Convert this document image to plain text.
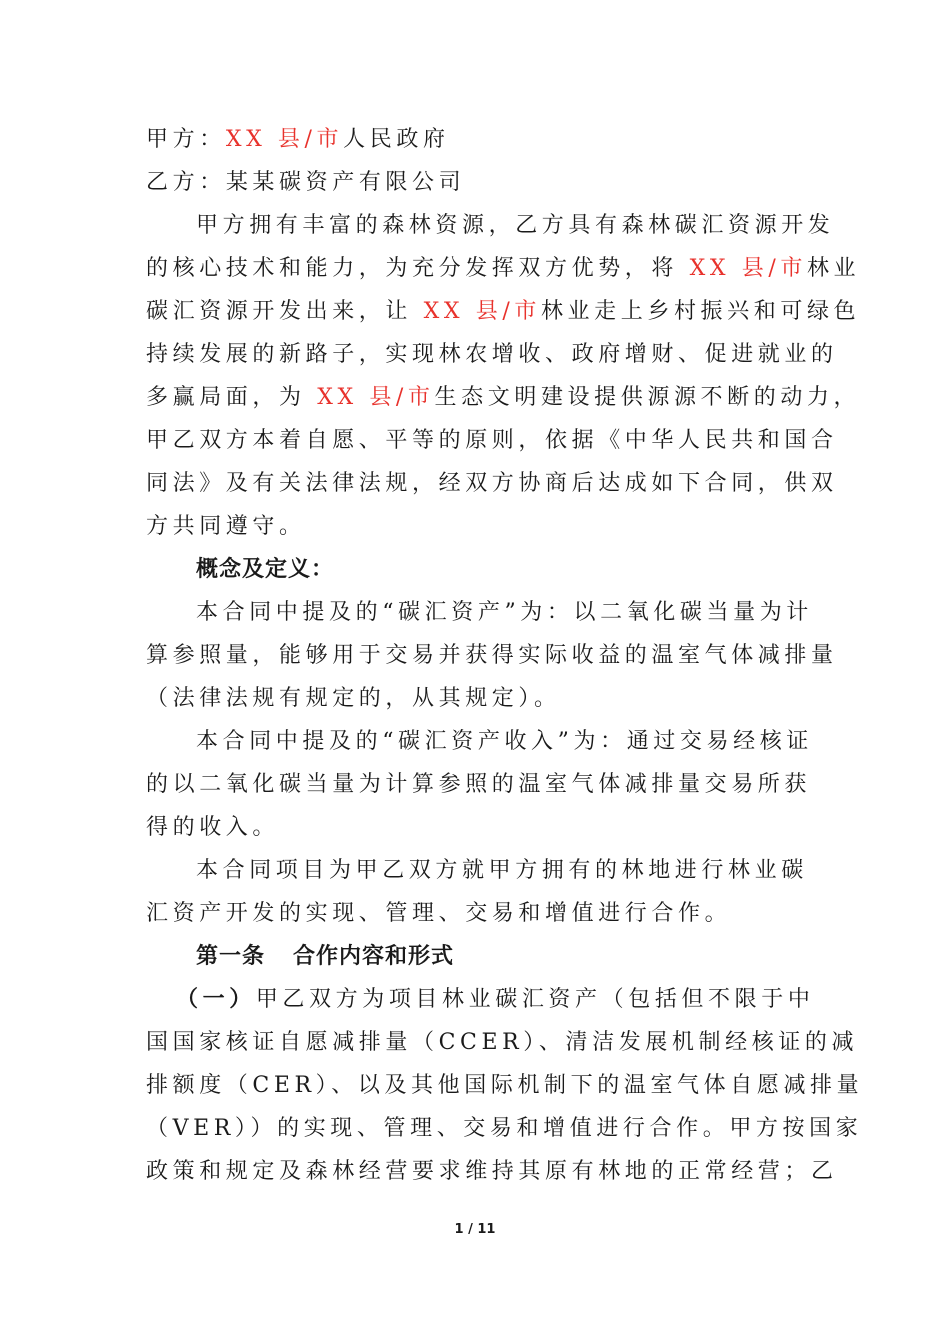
甲方：XX 县/市人民政府
乙方：某某碳资产有限公司
甲方拥有丰富的森林资源，乙方具有森林碳汇资源开发
的核心技术和能力，为充分发挥双方优势，将 XX 县/市林业
碳汇资源开发出来，让 XX 县/市林业走上乡村振兴和可绿色
持续发展的新路子，实现林农增收、政府增财、促进就业的
多赢局面，为 XX 县/市生态文明建设提供源源不断的动力，
甲乙双方本着自愿、平等的原则，依据《中华人民共和国合
同法》及有关法律法规，经双方协商后达成如下合同，供双
方共同遵守。
概念及定义：
本合同中提及的“碳汇资产”为：以二氧化碳当量为计
算参照量，能够用于交易并获得实际收益的温室气体减排量
（法律法规有规定的，从其规定）。
本合同中提及的“碳汇资产收入”为：通过交易经核证
的以二氧化碳当量为计算参照的温室气体减排量交易所获
得的收入。
本合同项目为甲乙双方就甲方拥有的林地进行林业碳
汇资产开发的实现、管理、交易和增值进行合作。
第一条 合作内容和形式
（一）甲乙双方为项目林业碳汇资产（包括但不限于中
国国家核证自愿减排量（CCER）、清洁发展机制经核证的减
排额度（CER）、以及其他国际机制下的温室气体自愿减排量
（VER））的实现、管理、交易和增值进行合作。甲方按国家
政策和规定及森林经营要求维持其原有林地的正常经营；乙
1 / 11
